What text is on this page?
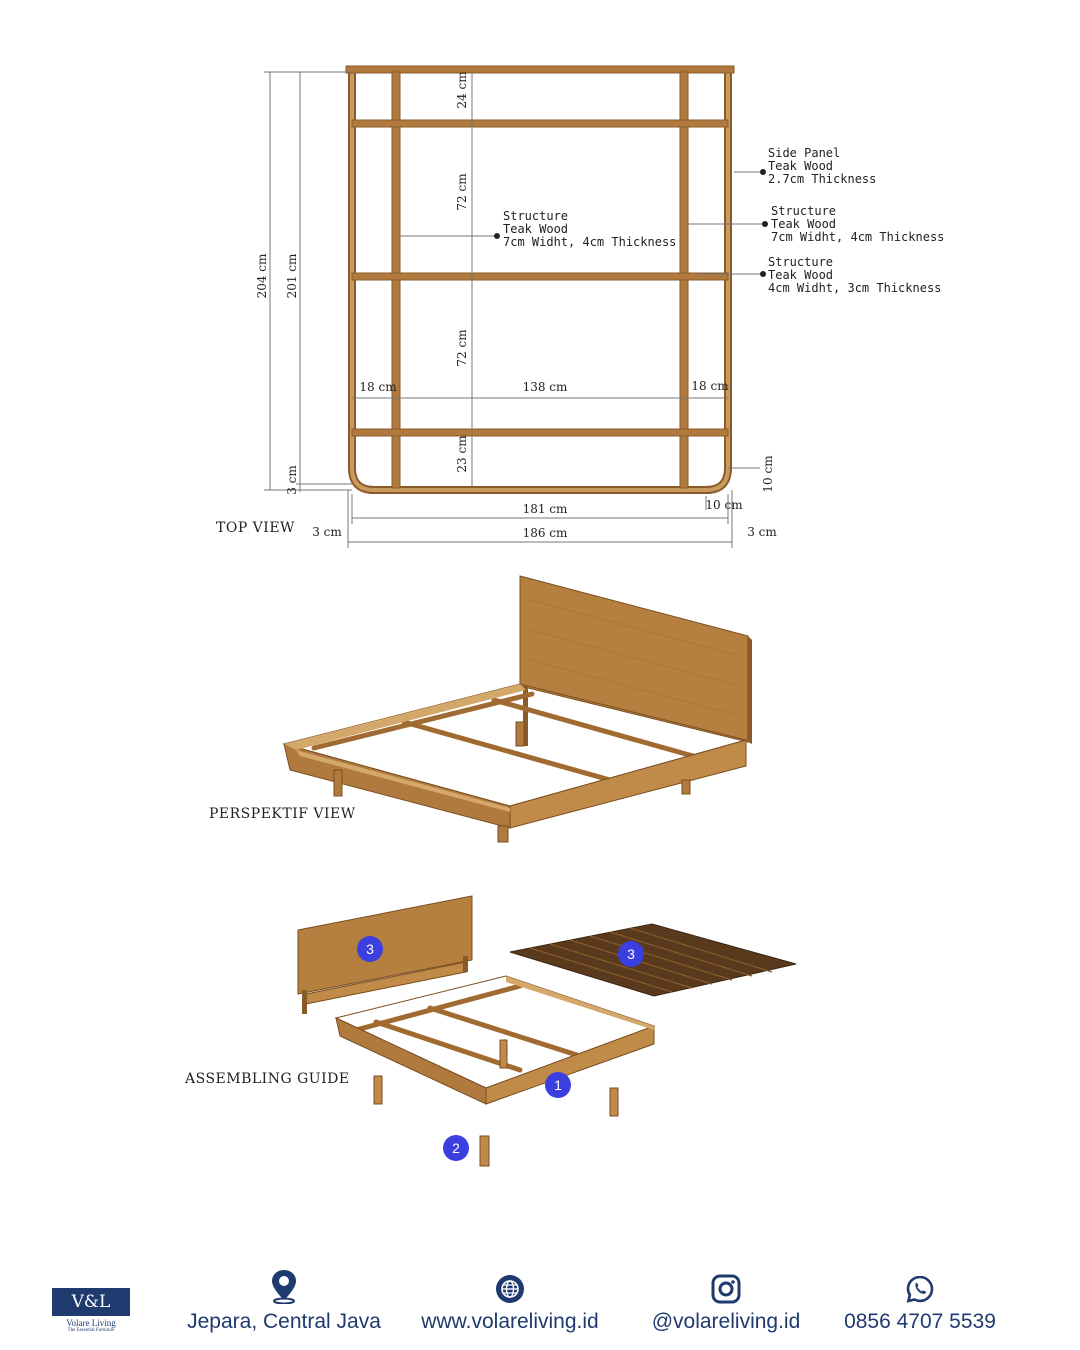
204 cm 201 cm
3 cm
24 cm
72 cm
72 cm
23 cm
10 cm
18 cm	138 cm	18 cm
181 cm
186 cm
3 cm	3 cm
10 cm
Side Panel
Teak Wood
2.7cm Thickness
Structure
Teak Wood
7cm Widht, 4cm Thickness
Structure
Teak Wood
7cm Widht, 4cm Thickness
Structure
Teak Wood
4cm Widht, 3cm Thickness
TOP VIEW
PERSPEKTIF VIEW
3	3
1
2
ASSEMBLING GUIDE
V&L
Volare Living
The Essential Furniture	Jepara, Central Java www.volareliving.id	@volareliving.id	0856 4707 5539
